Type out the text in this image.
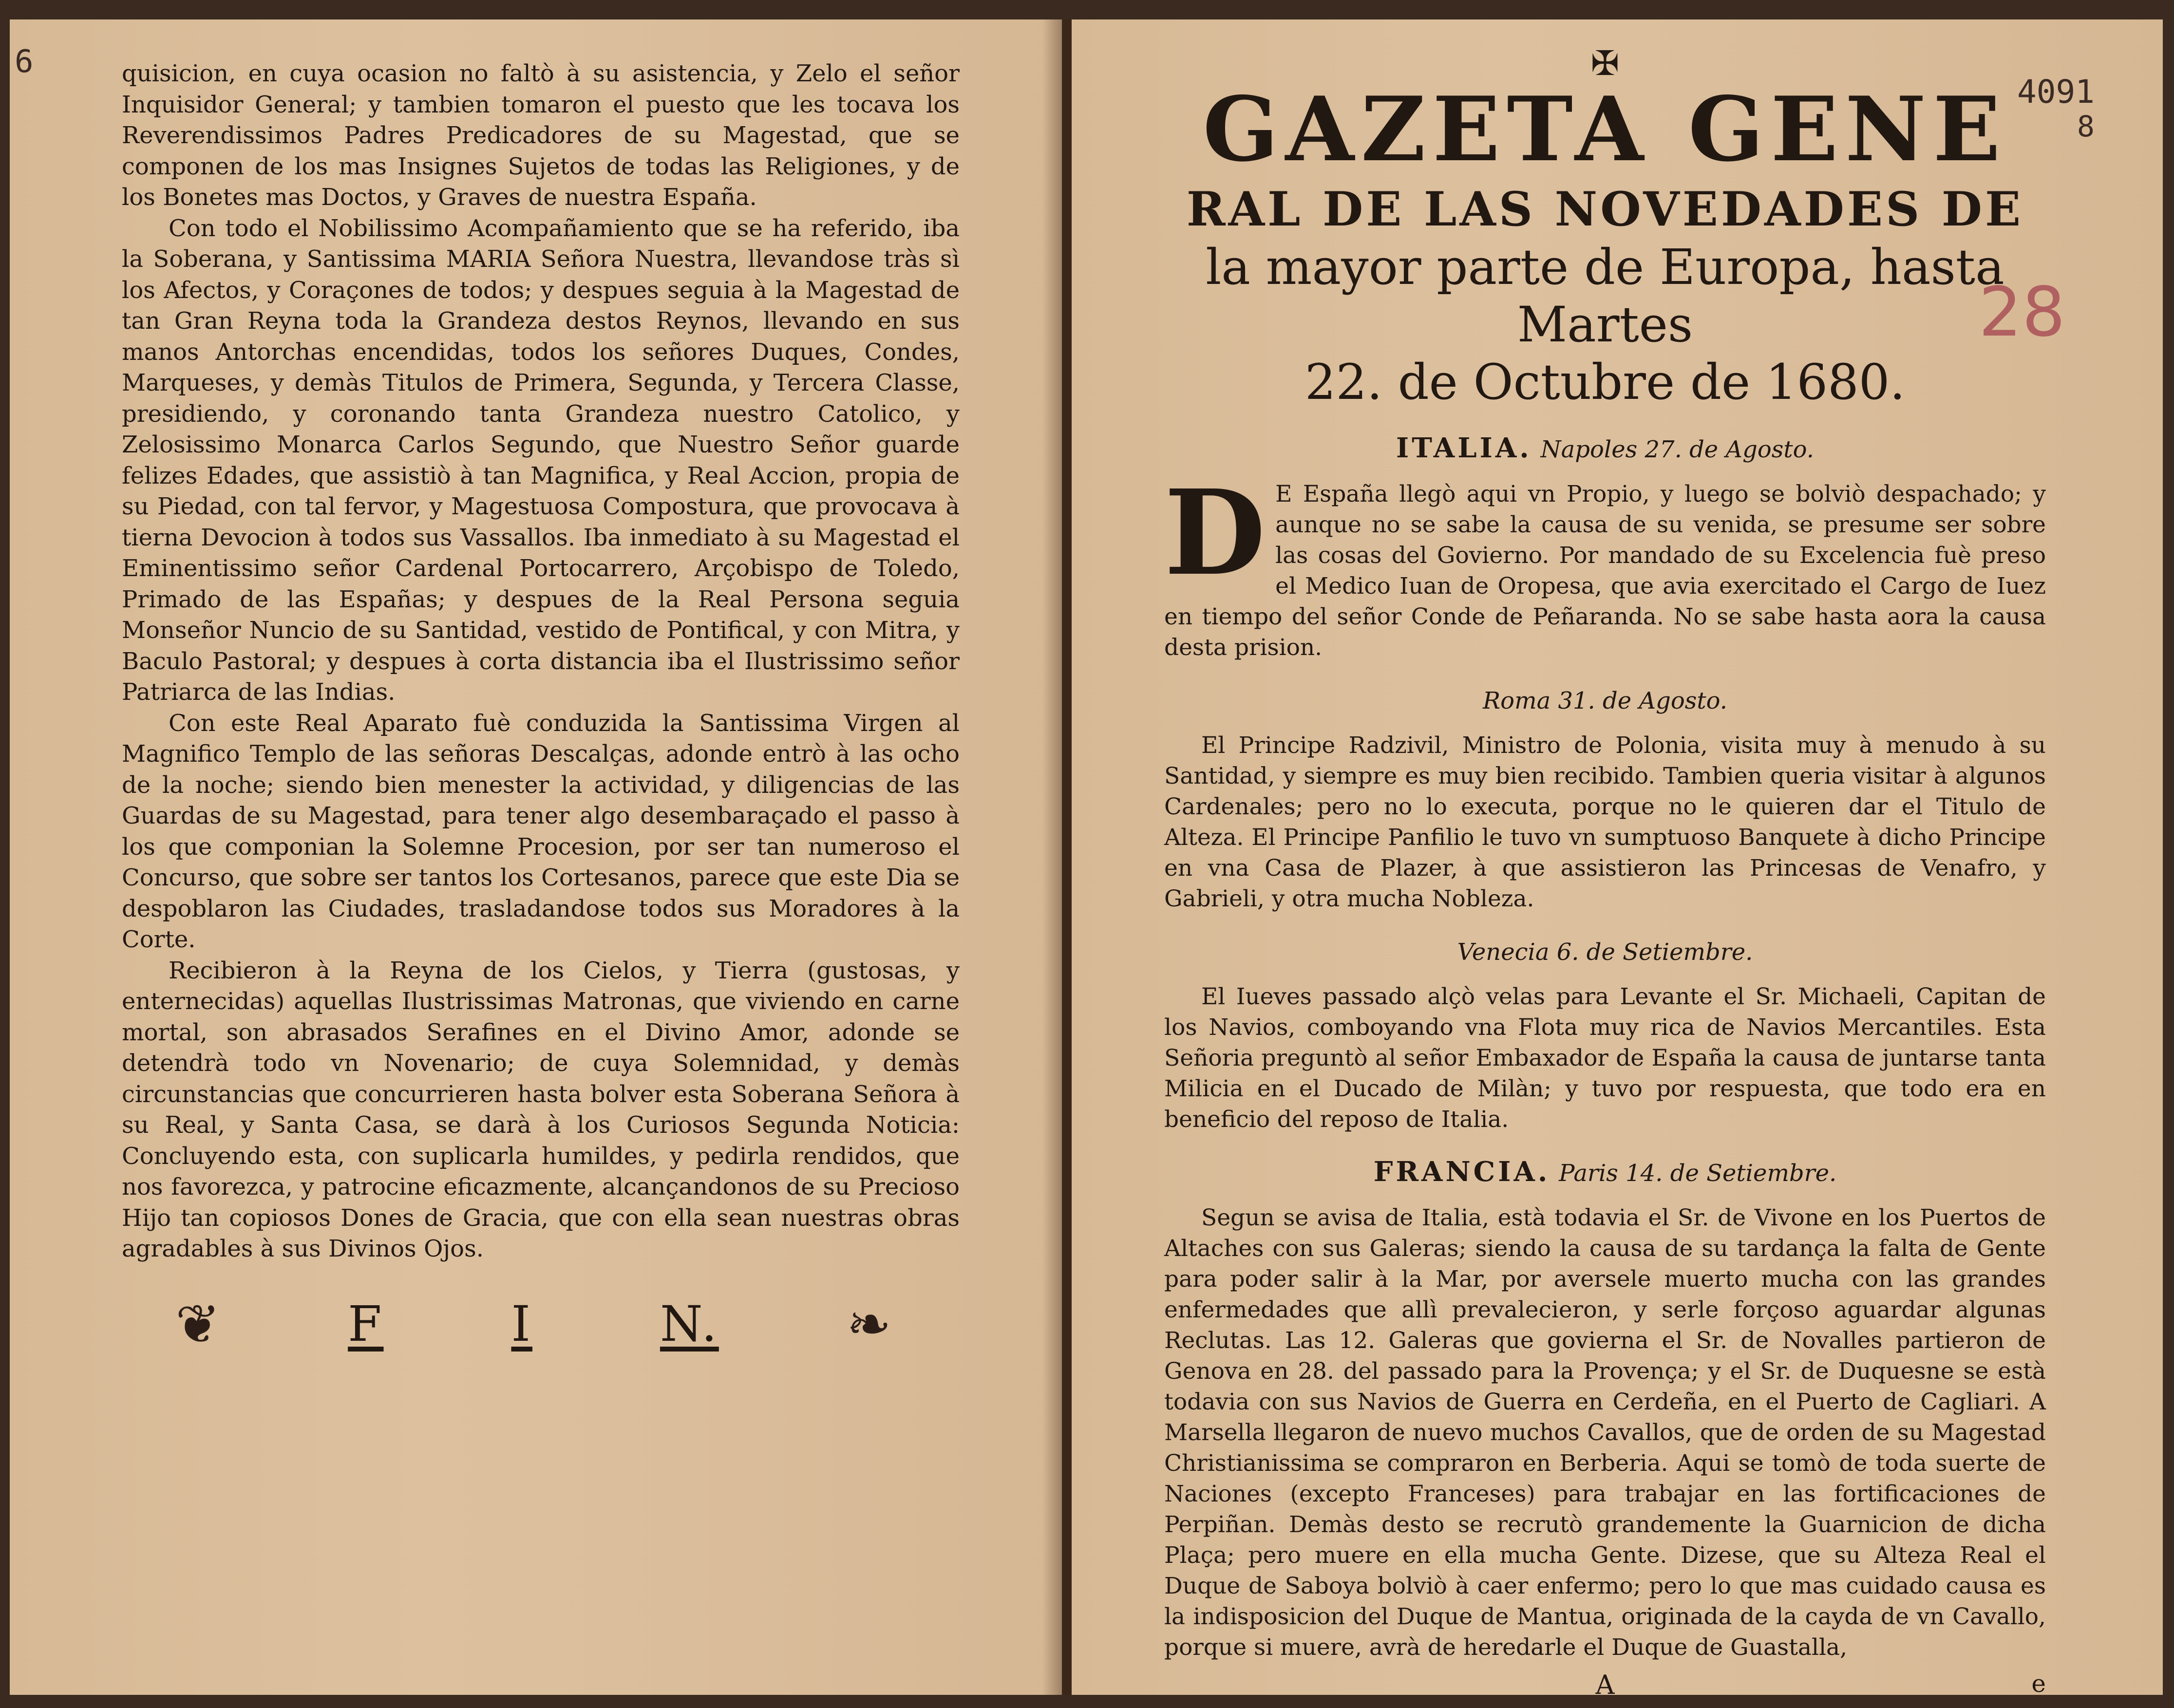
6	quisicion, en cuya ocasion no faltò à su asistencia, y Zelo el señor Inquisidor General; y tambien tomaron el puesto que les tocava los Reverendissimos Padres Predicadores de su Magestad, que se componen de los mas Insignes Sujetos de todas las Religiones, y de los Bonetes mas Doctos, y Graves de nuestra España.

Con todo el Nobilissimo Acompañamiento que se ha referido, iba la Soberana, y Santissima MARIA Señora Nuestra, llevandose tràs sì los Afectos, y Coraçones de todos; y despues seguia à la Magestad de tan Gran Reyna toda la Grandeza destos Reynos, llevando en sus manos Antorchas encendidas, todos los señores Duques, Condes, Marqueses, y demàs Titulos de Primera, Segunda, y Tercera Classe, presidiendo, y coronando tanta Grandeza nuestro Catolico, y Zelosissimo Monarca Carlos Segundo, que Nuestro Señor guarde felizes Edades, que assistiò à tan Magnifica, y Real Accion, propia de su Piedad, con tal fervor, y Magestuosa Compostura, que provocava à tierna Devocion à todos sus Vassallos. Iba inmediato à su Magestad el Eminentissimo señor Cardenal Portocarrero, Arçobispo de Toledo, Primado de las Españas; y despues de la Real Persona seguia Monseñor Nuncio de su Santidad, vestido de Pontifical, y con Mitra, y Baculo Pastoral; y despues à corta distancia iba el Ilustrissimo señor Patriarca de las Indias.

Con este Real Aparato fuè conduzida la Santissima Virgen al Magnifico Templo de las señoras Descalças, adonde entrò à las ocho de la noche; siendo bien menester la actividad, y diligencias de las Guardas de su Magestad, para tener algo desembaraçado el passo à los que componian la Solemne Procesion, por ser tan numeroso el Concurso, que sobre ser tantos los Cortesanos, parece que este Dia se despoblaron las Ciudades, trasladandose todos sus Moradores à la Corte.

Recibieron à la Reyna de los Cielos, y Tierra (gustosas, y enternecidas) aquellas Ilustrissimas Matronas, que viviendo en carne mortal, son abrasados Serafines en el Divino Amor, adonde se detendrà todo vn Novenario; de cuya Solemnidad, y demàs circunstancias que concurrieren hasta bolver esta Soberana Señora à su Real, y Santa Casa, se darà à los Curiosos Segunda Noticia: Concluyendo esta, con suplicarla humildes, y pedirla rendidos, que nos favorezca, y patrocine eficazmente, alcançandonos de su Precioso Hijo tan copiosos Dones de Gracia, que con ella sean nuestras obras agradables à sus Divinos Ojos.

❦	F	I	N. ❧
4091
8
28
✠
GAZETA GENE
RAL DE LAS NOVEDADES DE

la mayor parte de Europa, hasta Martes

22. de Octubre de 1680.

ITALIA. Napoles 27. de Agosto.

D E España llegò aqui vn Propio, y luego se bolviò despachado; y aunque no se sabe la causa de su venida, se presume ser sobre las cosas del Govierno. Por mandado de su Excelencia fuè preso el Medico Iuan de Oropesa, que avia exercitado el Cargo de Iuez en tiempo del señor Conde de Peñaranda. No se sabe hasta aora la causa desta prision.

Roma 31. de Agosto.

El Principe Radzivil, Ministro de Polonia, visita muy à menudo à su Santidad, y siempre es muy bien recibido. Tambien queria visitar à algunos Cardenales; pero no lo executa, porque no le quieren dar el Titulo de Alteza. El Principe Panfilio le tuvo vn sumptuoso Banquete à dicho Principe en vna Casa de Plazer, à que assistieron las Princesas de Venafro, y Gabrieli, y otra mucha Nobleza.

Venecia 6. de Setiembre.

El Iueves passado alçò velas para Levante el Sr. Michaeli, Capitan de los Navios, comboyando vna Flota muy rica de Navios Mercantiles. Esta Señoria preguntò al señor Embaxador de España la causa de juntarse tanta Milicia en el Ducado de Milàn; y tuvo por respuesta, que todo era en beneficio del reposo de Italia.

FRANCIA. Paris 14. de Setiembre.

Segun se avisa de Italia, està todavia el Sr. de Vivone en los Puertos de Altaches con sus Galeras; siendo la causa de su tardança la falta de Gente para poder salir à la Mar, por aversele muerto mucha con las grandes enfermedades que allì prevalecieron, y serle forçoso aguardar algunas Reclutas. Las 12. Galeras que govierna el Sr. de Novalles partieron de Genova en 28. del passado para la Provença; y el Sr. de Duquesne se està todavia con sus Navios de Guerra en Cerdeña, en el Puerto de Cagliari. A Marsella llegaron de nuevo muchos Cavallos, que de orden de su Magestad Christianissima se compraron en Berberia. Aqui se tomò de toda suerte de Naciones (excepto Franceses) para trabajar en las fortificaciones de Perpiñan. Demàs desto se recrutò grandemente la Guarnicion de dicha Plaça; pero muere en ella mucha Gente. Dizese, que su Alteza Real el Duque de Saboya bolviò à caer enfermo; pero lo que mas cuidado causa es la indisposicion del Duque de Mantua, originada de la cayda de vn Cavallo, porque si muere, avrà de heredarle el Duque de Guastalla,

A	e
